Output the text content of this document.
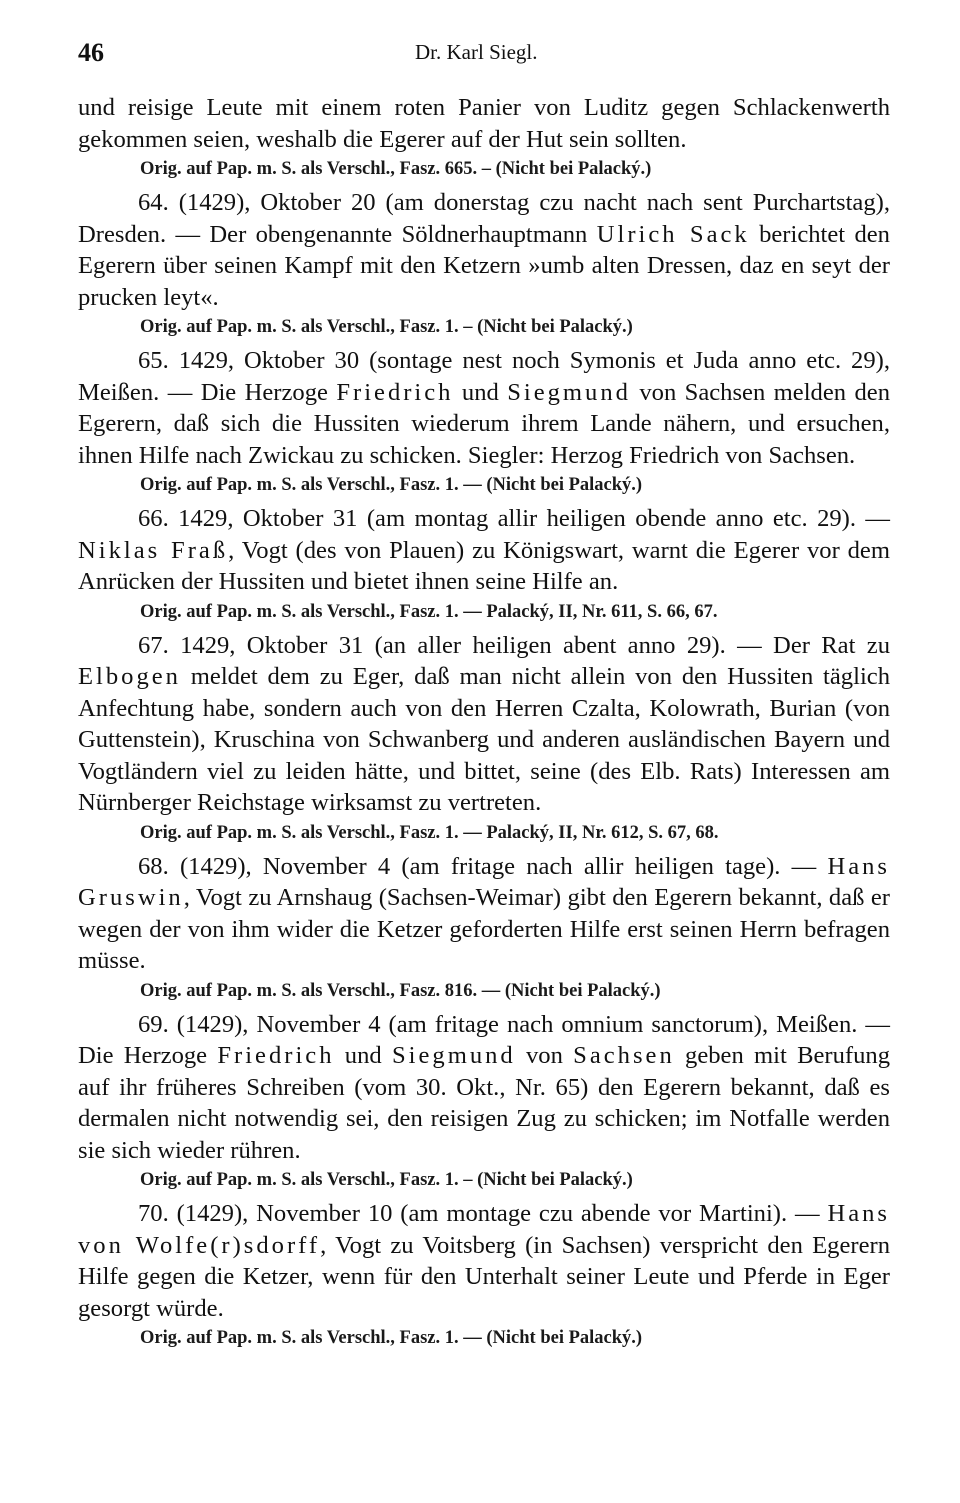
46	Dr. Karl Siegl.

und reisige Leute mit einem roten Panier von Luditz gegen Schlackenwerth gekommen seien, weshalb die Egerer auf der Hut sein sollten.

Orig. auf Pap. m. S. als Verschl., Fasz. 665. – (Nicht bei Palacký.)

64. (1429), Oktober 20 (am donerstag czu nacht nach sent Purchartstag), Dresden. — Der obengenannte Söldnerhauptmann Ulrich Sack berichtet den Egerern über seinen Kampf mit den Ketzern »umb alten Dressen, daz en seyt der prucken leyt«.

Orig. auf Pap. m. S. als Verschl., Fasz. 1. – (Nicht bei Palacký.)

65. 1429, Oktober 30 (sontage nest noch Symonis et Juda anno etc. 29), Meißen. — Die Herzoge Friedrich und Siegmund von Sachsen melden den Egerern, daß sich die Hussiten wiederum ihrem Lande nähern, und ersuchen, ihnen Hilfe nach Zwickau zu schicken. Siegler: Herzog Friedrich von Sachsen.

Orig. auf Pap. m. S. als Verschl., Fasz. 1. — (Nicht bei Palacký.)

66. 1429, Oktober 31 (am montag allir heiligen obende anno etc. 29). — Niklas Fraß, Vogt (des von Plauen) zu Königswart, warnt die Egerer vor dem Anrücken der Hussiten und bietet ihnen seine Hilfe an.

Orig. auf Pap. m. S. als Verschl., Fasz. 1. — Palacký, II, Nr. 611, S. 66, 67.

67. 1429, Oktober 31 (an aller heiligen abent anno 29). — Der Rat zu Elbogen meldet dem zu Eger, daß man nicht allein von den Hussiten täglich Anfechtung habe, sondern auch von den Herren Czalta, Kolowrath, Burian (von Guttenstein), Kruschina von Schwanberg und anderen ausländischen Bayern und Vogtländern viel zu leiden hätte, und bittet, seine (des Elb. Rats) Interessen am Nürnberger Reichstage wirksamst zu vertreten.

Orig. auf Pap. m. S. als Verschl., Fasz. 1. — Palacký, II, Nr. 612, S. 67, 68.

68. (1429), November 4 (am fritage nach allir heiligen tage). — Hans Gruswin, Vogt zu Arnshaug (Sachsen-Weimar) gibt den Egerern bekannt, daß er wegen der von ihm wider die Ketzer geforderten Hilfe erst seinen Herrn befragen müsse.

Orig. auf Pap. m. S. als Verschl., Fasz. 816. — (Nicht bei Palacký.)

69. (1429), November 4 (am fritage nach omnium sanctorum), Meißen. — Die Herzoge Friedrich und Siegmund von Sachsen geben mit Berufung auf ihr früheres Schreiben (vom 30. Okt., Nr. 65) den Egerern bekannt, daß es dermalen nicht notwendig sei, den reisigen Zug zu schicken; im Notfalle werden sie sich wieder rühren.

Orig. auf Pap. m. S. als Verschl., Fasz. 1. – (Nicht bei Palacký.)

70. (1429), November 10 (am montage czu abende vor Martini). — Hans von Wolfe(r)sdorff, Vogt zu Voitsberg (in Sachsen) verspricht den Egerern Hilfe gegen die Ketzer, wenn für den Unterhalt seiner Leute und Pferde in Eger gesorgt würde.

Orig. auf Pap. m. S. als Verschl., Fasz. 1. — (Nicht bei Palacký.)
